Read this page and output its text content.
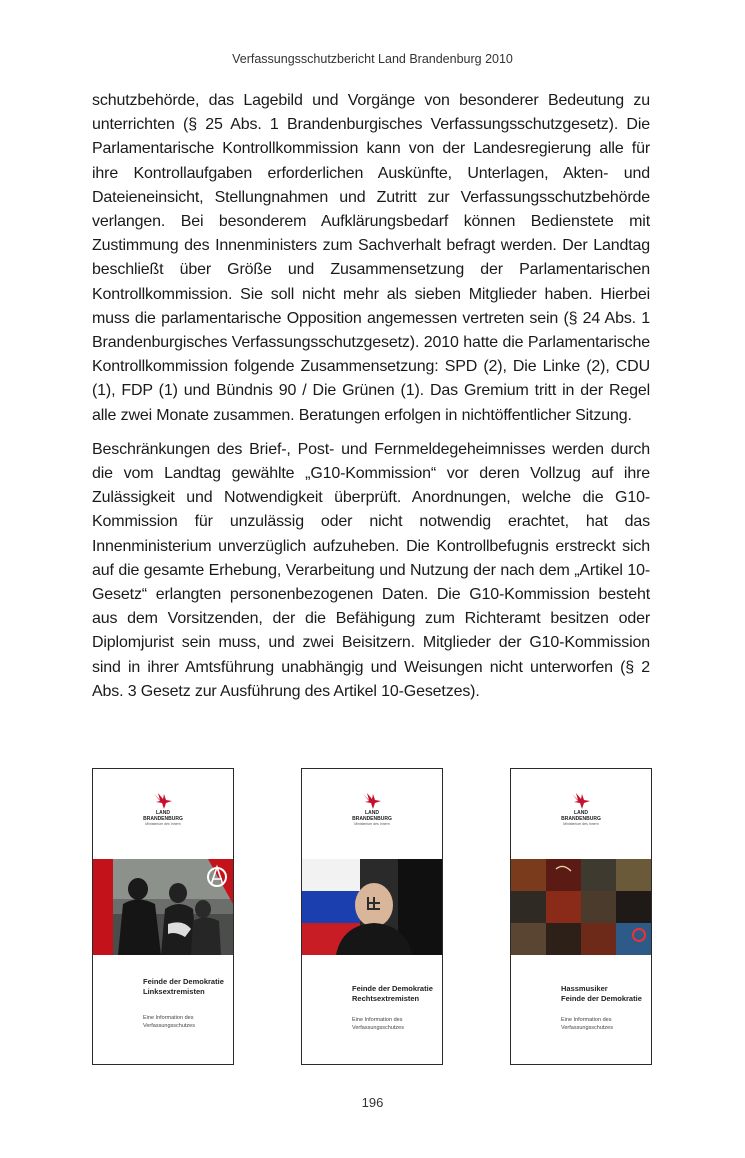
Verfassungsschutzbericht Land Brandenburg 2010

schutzbehörde, das Lagebild und Vorgänge von besonderer Bedeutung zu unterrichten (§ 25 Abs. 1 Brandenburgisches Verfassungsschutzgesetz). Die Parlamentarische Kontrollkommission kann von der Landesregierung alle für ihre Kontrollaufgaben erforderlichen Auskünfte, Unterlagen, Akten- und Dateieneinsicht, Stellungnahmen und Zutritt zur Verfassungsschutzbehörde verlangen. Bei besonderem Aufklärungsbedarf können Bedienstete mit Zustimmung des Innenministers zum Sachverhalt befragt werden. Der Landtag beschließt über Größe und Zusammensetzung der Parlamentarischen Kontrollkommission. Sie soll nicht mehr als sieben Mitglieder haben. Hierbei muss die parlamentarische Opposition angemessen vertreten sein (§ 24 Abs. 1 Brandenburgisches Verfassungsschutzgesetz). 2010 hatte die Parlamentarische Kontrollkommission folgende Zusammensetzung: SPD (2), Die Linke (2), CDU (1), FDP (1) und Bündnis 90 / Die Grünen (1). Das Gremium tritt in der Regel alle zwei Monate zusammen. Beratungen erfolgen in nichtöffentlicher Sitzung.

Beschränkungen des Brief-, Post- und Fernmeldegeheimnisses werden durch die vom Landtag gewählte „G10-Kommission“ vor deren Vollzug auf ihre Zulässigkeit und Notwendigkeit überprüft. Anordnungen, welche die G10-Kommission für unzulässig oder nicht notwendig erachtet, hat das Innenministerium unverzüglich aufzuheben. Die Kontrollbefugnis erstreckt sich auf die gesamte Erhebung, Verarbeitung und Nutzung der nach dem „Artikel 10-Gesetz“ erlangten personenbezogenen Daten. Die G10-Kommission besteht aus dem Vorsitzenden, der die Befähigung zum Richteramt besitzen oder Diplomjurist sein muss, und zwei Beisitzern. Mitglieder der G10-Kommission sind in ihrer Amtsführung unabhängig und Weisungen nicht unterworfen (§ 2 Abs. 3 Gesetz zur Ausführung des Artikel 10-Gesetzes).

LAND
BRANDENBURG
Ministerium des Innern
Feinde der Demokratie
Linksextremisten
Eine Information des
Verfassungsschutzes
LAND
BRANDENBURG
Ministerium des Innern
Feinde der Demokratie
Rechtsextremisten
Eine Information des
Verfassungsschutzes
LAND
BRANDENBURG
Ministerium des Innern
Hassmusiker
Feinde der Demokratie
Eine Information des
Verfassungsschutzes
196
